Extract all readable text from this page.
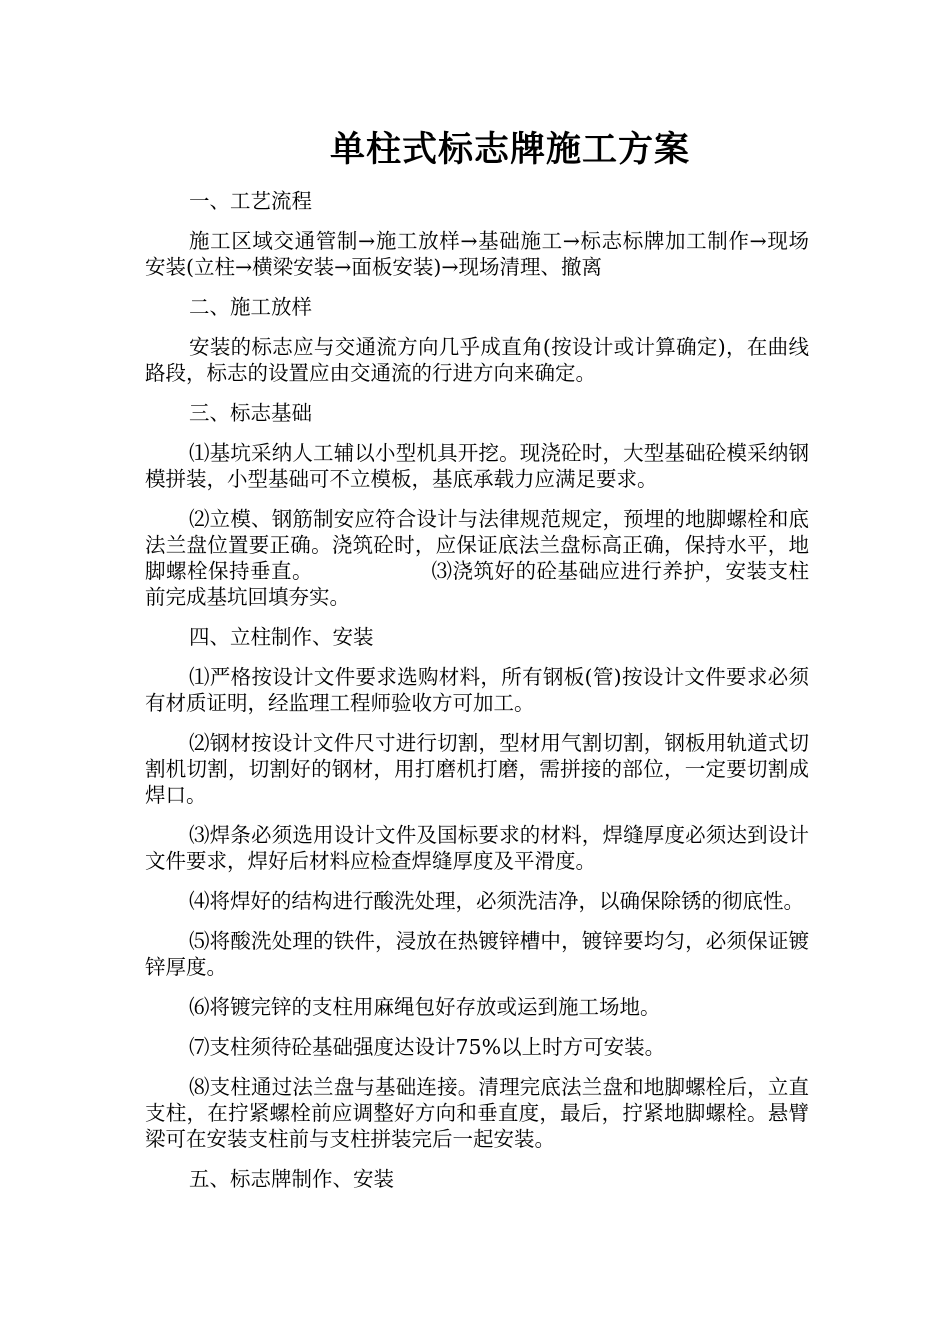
单柱式标志牌施工方案
一、工艺流程
施工区域交通管制→施工放样→基础施工→标志标牌加工制作→现场安装(立柱→横梁安装→面板安装)→现场清理、撤离
二、施工放样
安装的标志应与交通流方向几乎成直角(按设计或计算确定)，在曲线路段，标志的设置应由交通流的行进方向来确定。
三、标志基础
⑴基坑采纳人工辅以小型机具开挖。现浇砼时，大型基础砼模采纳钢模拼装，小型基础可不立模板，基底承载力应满足要求。
⑵立模、钢筋制安应符合设计与法律规范规定，预埋的地脚螺栓和底法兰盘位置要正确。浇筑砼时，应保证底法兰盘标高正确，保持水平，地脚螺栓保持垂直。	⑶浇筑好的砼基础应进行养护，安装支柱前完成基坑回填夯实。
四、立柱制作、安装
⑴严格按设计文件要求选购材料，所有钢板(管)按设计文件要求必须有材质证明，经监理工程师验收方可加工。
⑵钢材按设计文件尺寸进行切割，型材用气割切割，钢板用轨道式切割机切割，切割好的钢材，用打磨机打磨，需拼接的部位，一定要切割成焊口。
⑶焊条必须选用设计文件及国标要求的材料，焊缝厚度必须达到设计文件要求，焊好后材料应检查焊缝厚度及平滑度。
⑷将焊好的结构进行酸洗处理，必须洗洁净，以确保除锈的彻底性。
⑸将酸洗处理的铁件，浸放在热镀锌槽中，镀锌要均匀，必须保证镀锌厚度。
⑹将镀完锌的支柱用麻绳包好存放或运到施工场地。
⑺支柱须待砼基础强度达设计75%以上时方可安装。
⑻支柱通过法兰盘与基础连接。清理完底法兰盘和地脚螺栓后，立直支柱，在拧紧螺栓前应调整好方向和垂直度，最后，拧紧地脚螺栓。悬臂梁可在安装支柱前与支柱拼装完后一起安装。
五、标志牌制作、安装
